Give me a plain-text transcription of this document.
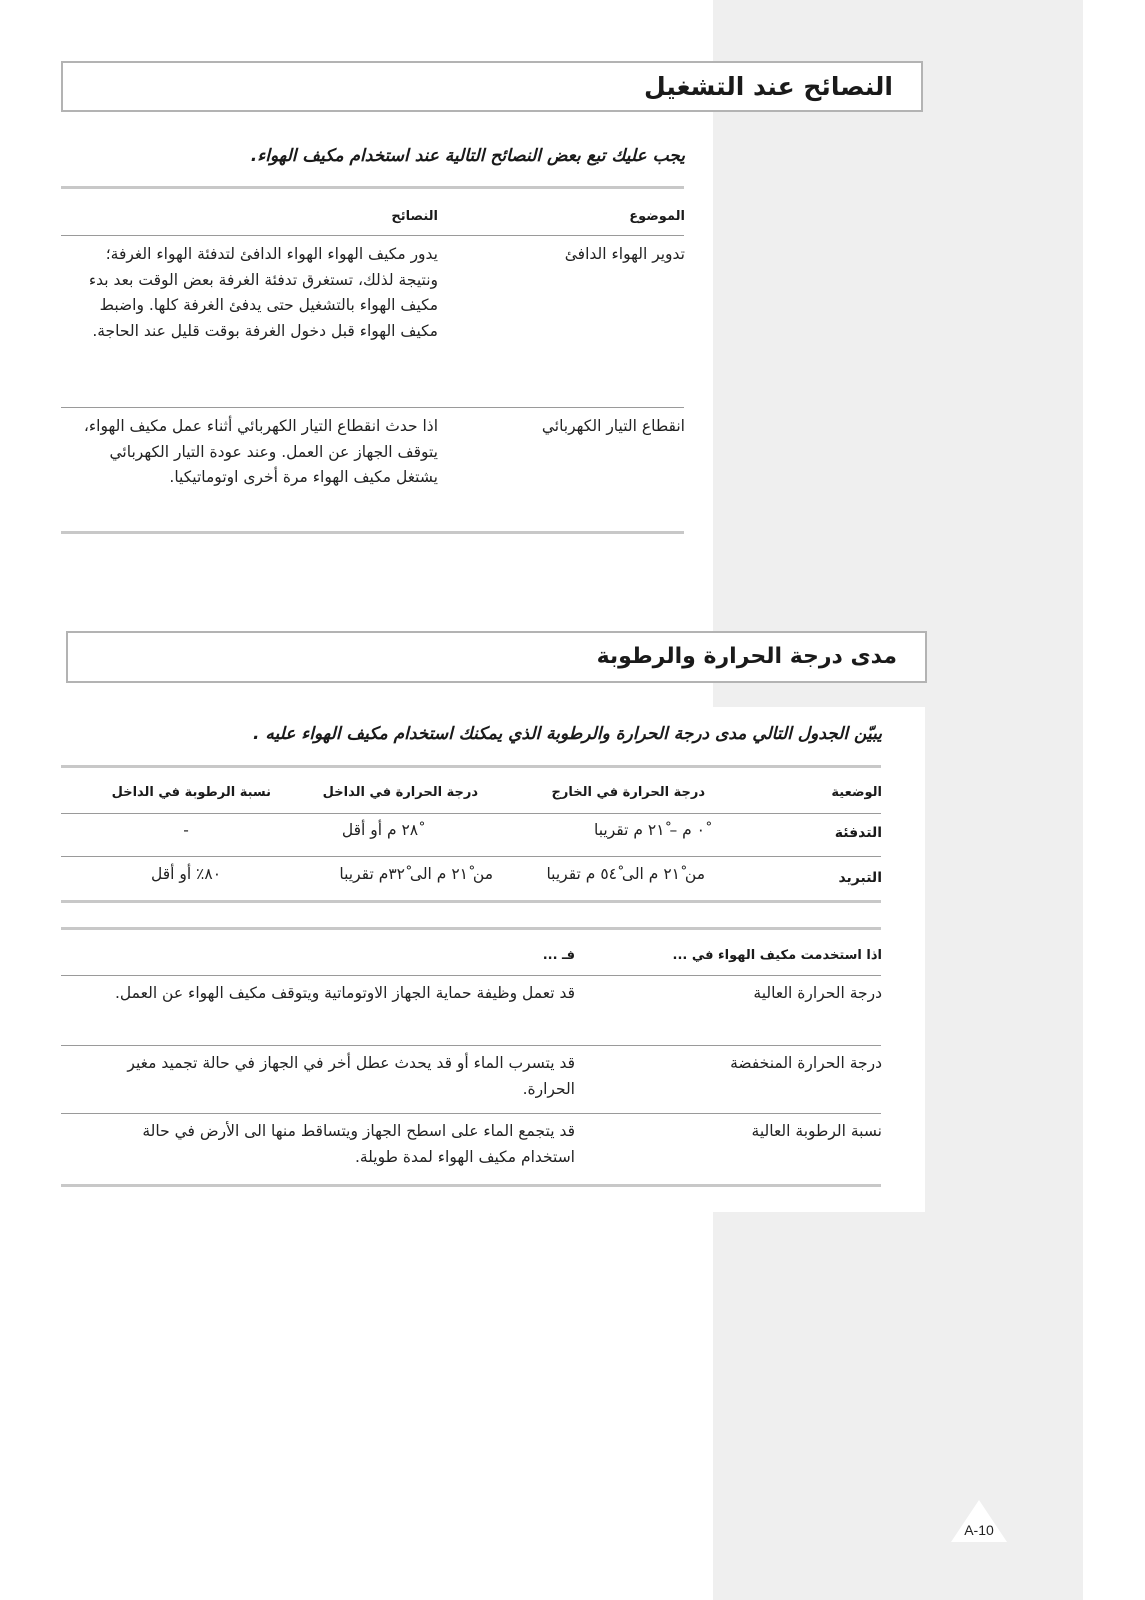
النصائح عند التشغيل
يجب عليك تبع بعض النصائح التالية عند استخدام مكيف الهواء.
الموضوع
النصائح
تدوير الهواء الدافئ
يدور مكيف الهواء الهواء الدافئ لتدفئة الهواء الغرفة؛ ونتيجة لذلك، تستغرق تدفئة الغرفة بعض الوقت بعد بدء مكيف الهواء بالتشغيل حتى يدفئ الغرفة كلها. واضبط مكيف الهواء قبل دخول الغرفة بوقت قليل عند الحاجة.
انقطاع التيار الكهربائي
اذا حدث انقطاع التيار الكهربائي أثناء عمل مكيف الهواء، يتوقف الجهاز عن العمل. وعند عودة التيار الكهربائي يشتغل مكيف الهواء مرة أخرى اوتوماتيكيا.
مدى درجة الحرارة والرطوبة
يبيّن الجدول التالي مدى درجة الحرارة والرطوبة الذي يمكنك استخدام مكيف الهواء عليه .
الوضعية
درجة الحرارة في الخارج
درجة الحرارة في الداخل
نسبة الرطوبة في الداخل
التدفئة
٠ْ م – ٢١ْ م تقريبا
٢٨ْ م أو أقل
-
التبريد
من ٢١ْ م الى ٥٤ْ م تقريبا
من ٢١ْ م الى ٣٢ْم تقريبا
٨٠٪ أو أقل
اذا استخدمت مكيف الهواء في ...
فـ ...
درجة الحرارة العالية
قد تعمل وظيفة حماية الجهاز الاوتوماتية ويتوقف مكيف الهواء عن العمل.
درجة الحرارة المنخفضة
قد يتسرب الماء أو قد يحدث عطل أخر في الجهاز في حالة تجميد مغير الحرارة.
نسبة الرطوبة العالية
قد يتجمع الماء على اسطح الجهاز ويتساقط منها الى الأرض في حالة استخدام مكيف الهواء لمدة طويلة.
A-10
